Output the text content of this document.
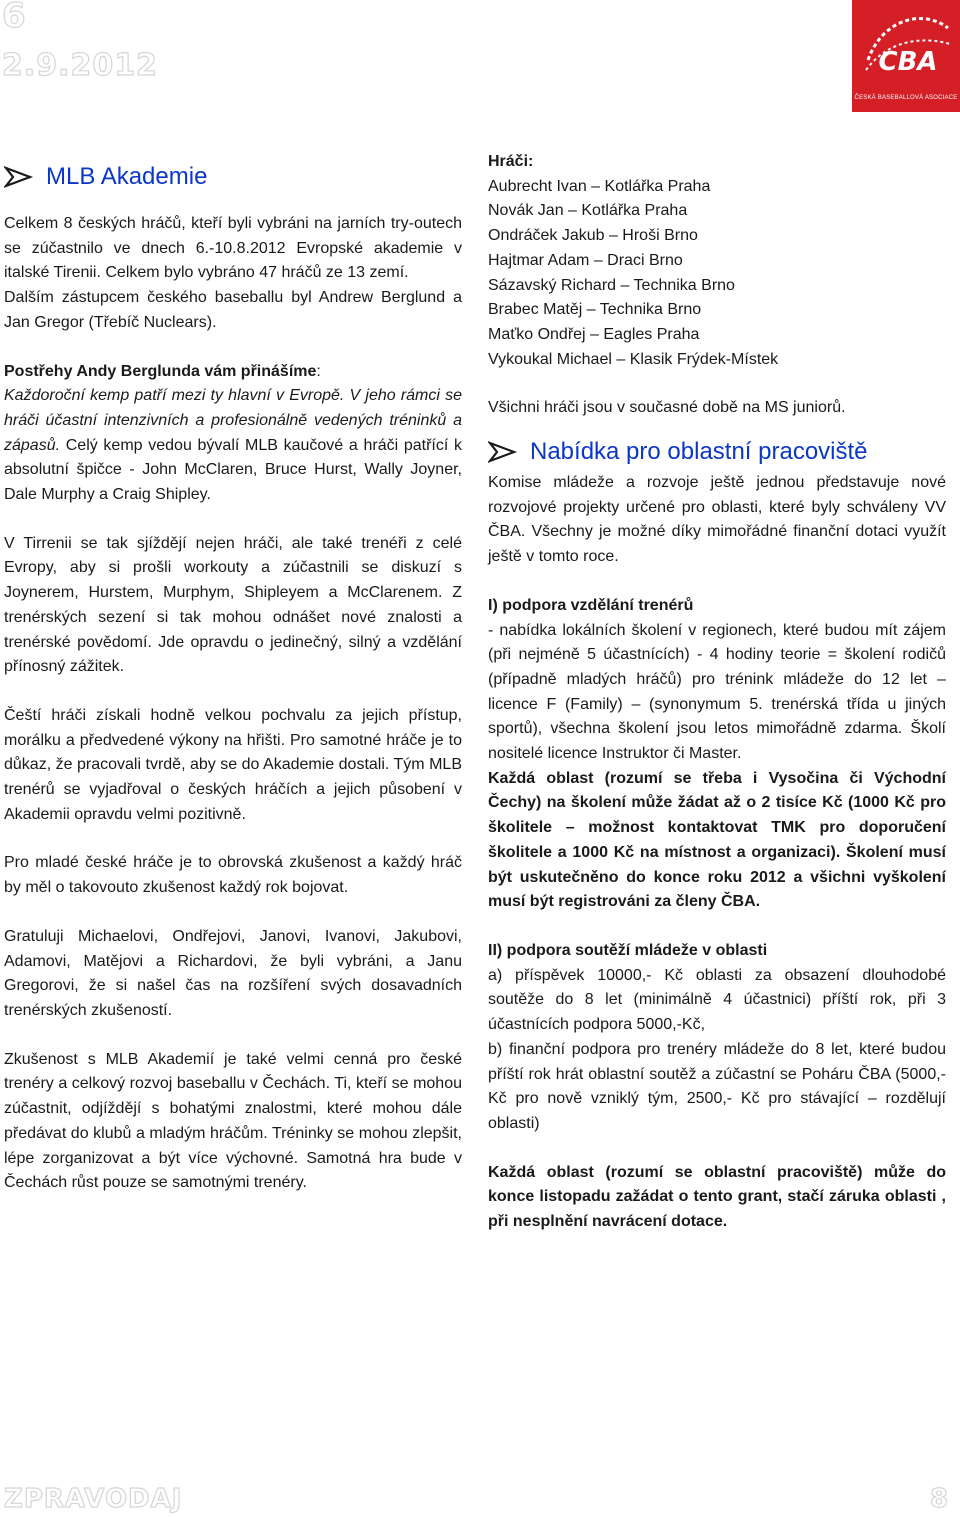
6
2.9.2012	CBA
ČESKÁ BASEBALLOVÁ ASOCIACE
MLB Akademie

Celkem 8 českých hráčů, kteří byli vybráni na jarních try-outech se zúčastnilo ve dnech 6.-10.8.2012 Evropské akademie v italské Tirenii. Celkem bylo vybráno 47 hráčů ze 13 zemí.

Dalším zástupcem českého baseballu byl Andrew Berglund a Jan Gregor (Třebíč Nuclears).

Postřehy Andy Berglunda vám přinášíme:
Každoroční kemp patří mezi ty hlavní v Evropě. V jeho rámci se hráči účastní intenzivních a profesionálně vedených tréninků a zápasů. Celý kemp vedou bývalí MLB kaučové a hráči patřící k absolutní špičce - John McClaren, Bruce Hurst, Wally Joyner, Dale Murphy a Craig Shipley.

V Tirrenii se tak sjíždějí nejen hráči, ale také trenéři z celé Evropy, aby si prošli workouty a zúčastnili se diskuzí s Joynerem, Hurstem, Murphym, Shipleyem a McClarenem. Z trenérských sezení si tak mohou odnášet nové znalosti a trenérské povědomí. Jde opravdu o jedinečný, silný a vzdělání přínosný zážitek.

Čeští hráči získali hodně velkou pochvalu za jejich přístup, morálku a předvedené výkony na hřišti. Pro samotné hráče je to důkaz, že pracovali tvrdě, aby se do Akademie dostali. Tým MLB trenérů se vyjadřoval o českých hráčích a jejich působení v Akademii opravdu velmi pozitivně.

Pro mladé české hráče je to obrovská zkušenost a každý hráč by měl o takovouto zkušenost každý rok bojovat.

Gratuluji Michaelovi, Ondřejovi, Janovi, Ivanovi, Jakubovi, Adamovi, Matějovi a Richardovi, že byli vybráni, a Janu Gregorovi, že si našel čas na rozšíření svých dosavadních trenérských zkušeností.

Zkušenost s MLB Akademií je také velmi cenná pro české trenéry a celkový rozvoj baseballu v Čechách. Ti, kteří se mohou zúčastnit, odjíždějí s bohatými znalostmi, které mohou dále předávat do klubů a mladým hráčům. Tréninky se mohou zlepšit, lépe zorganizovat a být více výchovné. Samotná hra bude v Čechách růst pouze se samotnými trenéry.

Hráči:

Aubrecht Ivan – Kotlářka Praha

Novák Jan – Kotlářka Praha

Ondráček Jakub – Hroši Brno

Hajtmar Adam – Draci Brno

Sázavský Richard – Technika Brno

Brabec Matěj – Technika Brno

Maťko Ondřej – Eagles Praha

Vykoukal Michael – Klasik Frýdek-Místek

Všichni hráči jsou v současné době na MS juniorů.

Nabídka pro oblastní pracoviště

Komise mládeže a rozvoje ještě jednou představuje nové rozvojové projekty určené pro oblasti, které byly schváleny VV ČBA. Všechny je možné díky mimořádné finanční dotaci využít ještě v tomto roce.

I) podpora vzdělání trenérů

- nabídka lokálních školení v regionech, které budou mít zájem (při nejméně 5 účastnících) - 4 hodiny teorie = školení rodičů (případně mladých hráčů) pro trénink mládeže do 12 let – licence F (Family) – (synonymum 5. trenérská třída u jiných sportů), všechna školení jsou letos mimořádně zdarma. Školí nositelé licence Instruktor či Master.

Každá oblast (rozumí se třeba i Vysočina či Východní Čechy) na školení může žádat až o 2 tisíce Kč (1000 Kč pro školitele – možnost kontaktovat TMK pro doporučení školitele a 1000 Kč na místnost a organizaci). Školení musí být uskutečněno do konce roku 2012 a všichni vyškolení musí být registrováni za členy ČBA.

II) podpora soutěží mládeže v oblasti

a) příspěvek 10000,- Kč oblasti za obsazení dlouhodobé soutěže do 8 let (minimálně 4 účastnici) příští rok, při 3 účastnících podpora 5000,-Kč,

b) finanční podpora pro trenéry mládeže do 8 let, které budou příští rok hrát oblastní soutěž a zúčastní se Poháru ČBA (5000,- Kč pro nově vzniklý tým, 2500,- Kč pro stávající – rozdělují oblasti)

Každá oblast (rozumí se oblastní pracoviště) může do konce listopadu zažádat o tento grant, stačí záruka oblasti , při nesplnění navrácení dotace.

ZPRAVODAJ	8
